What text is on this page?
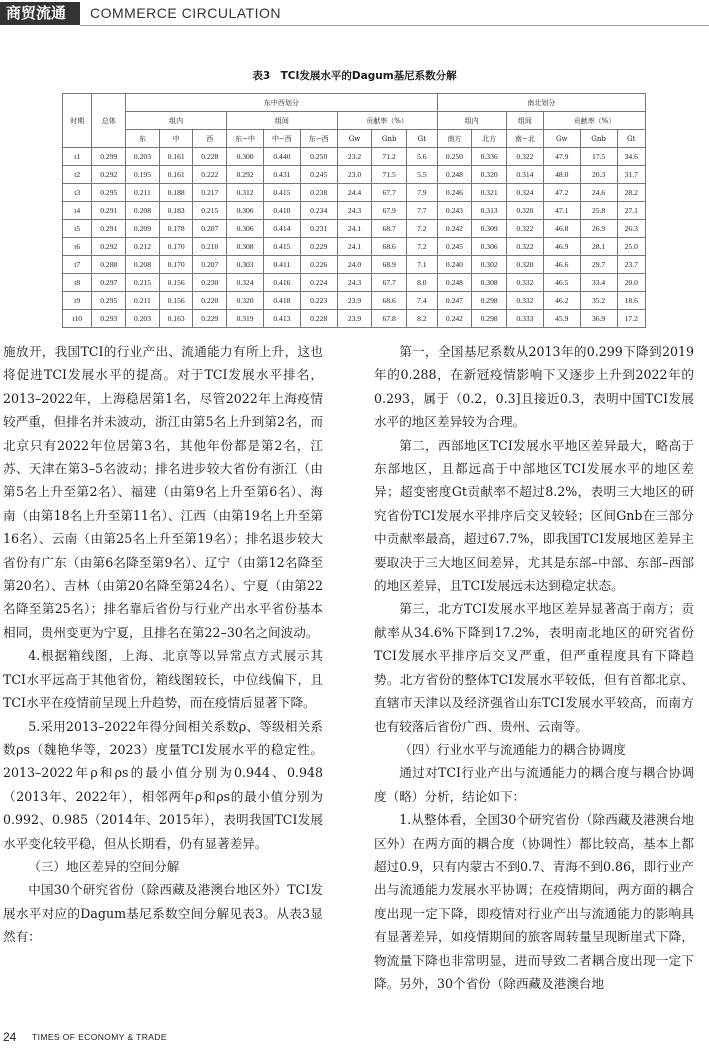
商贸流通	COMMERCE CIRCULATION
表3　TCI发展水平的Dagum基尼系数分解
时期	总体	东中西划分									南北划分					
		组内			组间			贡献率（%）			组内		组间	贡献率（%）		
		东	中	西	东−中	中−西	东−西	Gw	Gnb	Gt	南方	北方	南−北	Gw	Gnb	Gt
t1	0.299	0.203	0.161	0.228	0.300	0.440	0.250	23.2	71.2	5.6	0.250	0.336	0.322	47.9	17.5	34.6
t2	0.292	0.195	0.161	0.222	0.292	0.431	0.245	23.0	71.5	5.5	0.248	0.320	0.314	48.0	20.3	31.7
t3	0.295	0.211	0.188	0.217	0.312	0.415	0.238	24.4	67.7	7.9	0.246	0.321	0.324	47.2	24.6	28.2
t4	0.291	0.208	0.183	0.215	0.306	0.410	0.234	24.3	67.9	7.7	0.243	0.313	0.320	47.1	25.8	27.1
t5	0.291	0.209	0.178	0.207	0.306	0.414	0.231	24.1	68.7	7.2	0.242	0.309	0.322	46.8	26.9	26.3
t6	0.292	0.212	0.170	0.210	0.308	0.415	0.229	24.1	68.6	7.2	0.245	0.306	0.322	46.9	28.1	25.0
t7	0.288	0.208	0.170	0.207	0.303	0.411	0.226	24.0	68.9	7.1	0.240	0.302	0.320	46.6	29.7	23.7
t8	0.297	0.215	0.156	0.230	0.324	0.416	0.224	24.3	67.7	8.0	0.248	0.308	0.332	46.5	33.4	20.0
t9	0.295	0.211	0.156	0.220	0.320	0.418	0.223	23.9	68.6	7.4	0.247	0.298	0.332	46.2	35.2	18.6
t10	0.293	0.203	0.163	0.229	0.319	0.413	0.228	23.9	67.8	8.2	0.242	0.298	0.333	45.9	36.9	17.2

施放开，我国TCI的行业产出、流通能力有所上升，这也将促进TCI发展水平的提高。对于TCI发展水平排名，2013–2022年，上海稳居第1名，尽管2022年上海疫情较严重，但排名并未波动，浙江由第5名上升到第2名，而北京只有2022年位居第3名，其他年份都是第2名，江苏、天津在第3–5名波动；排名进步较大省份有浙江（由第5名上升至第2名）、福建（由第9名上升至第6名）、海南（由第18名上升至第11名）、江西（由第19名上升至第16名）、云南（由第25名上升至第19名）；排名退步较大省份有广东（由第6名降至第9名）、辽宁（由第12名降至第20名）、吉林（由第20名降至第24名）、宁夏（由第22名降至第25名）；排名靠后省份与行业产出水平省份基本相同，贵州变更为宁夏，且排名在第22–30名之间波动。

4.根据箱线图，上海、北京等以异常点方式展示其TCI水平远高于其他省份，箱线图较长，中位线偏下，且TCI水平在疫情前呈现上升趋势，而在疫情后显著下降。

5.采用2013–2022年得分间相关系数ρ、等级相关系数ρs（魏艳华等，2023）度量TCI发展水平的稳定性。2013–2022年ρ和ρs的最小值分别为0.944、0.948（2013年、2022年），相邻两年ρ和ρs的最小值分别为0.992、0.985（2014年、2015年），表明我国TCI发展水平变化较平稳，但从长期看，仍有显著差异。

（三）地区差异的空间分解

中国30个研究省份（除西藏及港澳台地区外）TCI发展水平对应的Dagum基尼系数空间分解见表3。从表3显然有：

第一，全国基尼系数从2013年的0.299下降到2019年的0.288，在新冠疫情影响下又逐步上升到2022年的0.293，属于（0.2，0.3]且接近0.3，表明中国TCI发展水平的地区差异较为合理。

第二，西部地区TCI发展水平地区差异最大，略高于东部地区，且都远高于中部地区TCI发展水平的地区差异；超变密度Gt贡献率不超过8.2%，表明三大地区的研究省份TCI发展水平排序后交叉较轻；区间Gnb在三部分中贡献率最高，超过67.7%，即我国TCI发展地区差异主要取决于三大地区间差异，尤其是东部–中部、东部–西部的地区差异，且TCI发展远未达到稳定状态。

第三，北方TCI发展水平地区差异显著高于南方；贡献率从34.6%下降到17.2%，表明南北地区的研究省份TCI发展水平排序后交叉严重，但严重程度具有下降趋势。北方省份的整体TCI发展水平较低，但有首都北京、直辖市天津以及经济强省山东TCI发展水平较高，而南方也有较落后省份广西、贵州、云南等。

（四）行业水平与流通能力的耦合协调度

通过对TCI行业产出与流通能力的耦合度与耦合协调度（略）分析，结论如下：

1.从整体看，全国30个研究省份（除西藏及港澳台地区外）在两方面的耦合度（协调性）都比较高，基本上都超过0.9，只有内蒙古不到0.7、青海不到0.86，即行业产出与流通能力发展水平协调；在疫情期间，两方面的耦合度出现一定下降，即疫情对行业产出与流通能力的影响具有显著差异，如疫情期间的旅客周转量呈现断崖式下降，物流量下降也非常明显，进而导致二者耦合度出现一定下降。另外，30个省份（除西藏及港澳台地

24 TIMES OF ECONOMY & TRADE
